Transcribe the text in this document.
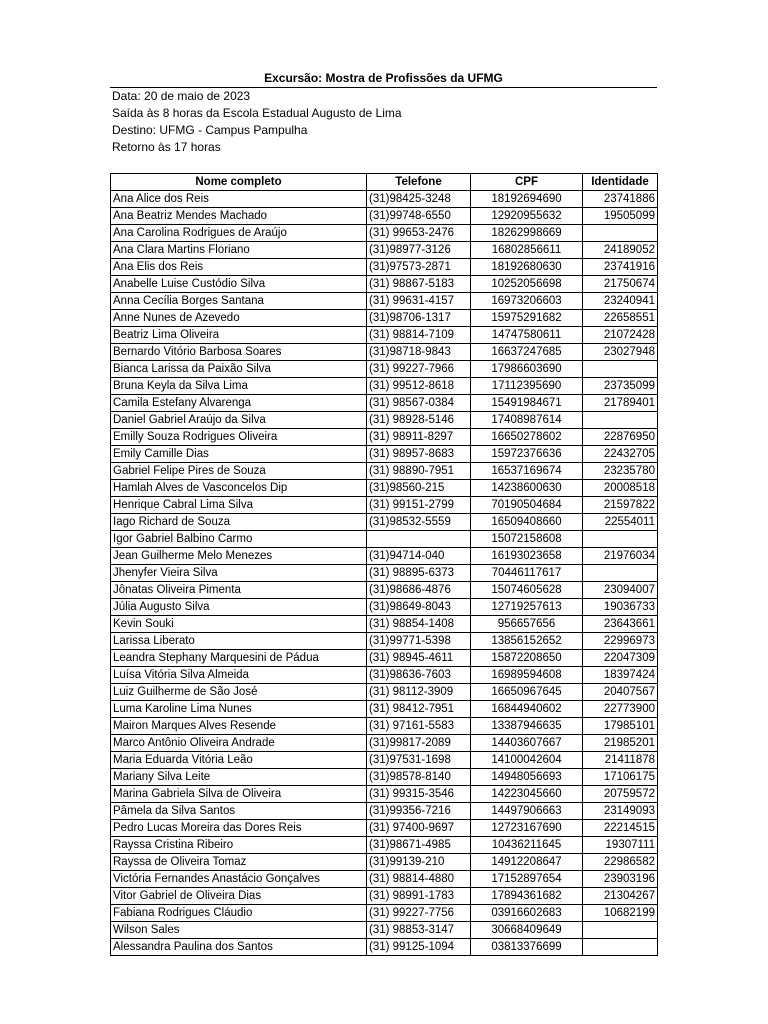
Excursão: Mostra de Profissões da UFMG
Data: 20 de maio de 2023
Saída às 8 horas da Escola Estadual Augusto de Lima
Destino: UFMG - Campus Pampulha
Retorno às 17 horas
Nome completo	Telefone	CPF	Identidade
Ana Alice dos Reis	(31)98425-3248	18192694690	23741886
Ana Beatriz Mendes Machado	(31)99748-6550	12920955632	19505099
Ana Carolina Rodrigues de Araújo	(31) 99653-2476	18262998669	
Ana Clara Martins Floriano	(31)98977-3126	16802856611	24189052
Ana Elis dos Reis	(31)97573-2871	18192680630	23741916
Anabelle Luise Custódio Silva	(31) 98867-5183	10252056698	21750674
Anna Cecília Borges Santana	(31) 99631-4157	16973206603	23240941
Anne Nunes de Azevedo	(31)98706-1317	15975291682	22658551
Beatriz Lima Oliveira	(31) 98814-7109	14747580611	21072428
Bernardo Vitório Barbosa Soares	(31)98718-9843	16637247685	23027948
Bianca Larissa da Paixão Silva	(31) 99227-7966	17986603690	
Bruna Keyla da Silva Lima	(31) 99512-8618	17112395690	23735099
Camila Estefany Alvarenga	(31) 98567-0384	15491984671	21789401
Daniel Gabriel Araújo da Silva	(31) 98928-5146	17408987614	
Emilly Souza Rodrigues Oliveira	(31) 98911-8297	16650278602	22876950
Emily Camille Dias	(31) 98957-8683	15972376636	22432705
Gabriel Felipe Pires de Souza	(31) 98890-7951	16537169674	23235780
Hamlah Alves de Vasconcelos Dip	(31)98560-215	14238600630	20008518
Henrique Cabral Lima Silva	(31) 99151-2799	70190504684	21597822
Iago Richard de Souza	(31)98532-5559	16509408660	22554011
Igor Gabriel Balbino Carmo		15072158608	
Jean Guilherme Melo Menezes	(31)94714-040	16193023658	21976034
Jhenyfer Vieira Silva	(31) 98895-6373	70446117617	
Jônatas Oliveira Pimenta	(31)98686-4876	15074605628	23094007
Júlia Augusto Silva	(31)98649-8043	12719257613	19036733
Kevin Souki	(31) 98854-1408	956657656	23643661
Larissa Liberato	(31)99771-5398	13856152652	22996973
Leandra Stephany Marquesini de Pádua	(31) 98945-4611	15872208650	22047309
Luísa Vitória Silva Almeida	(31)98636-7603	16989594608	18397424
Luiz Guilherme de São José	(31) 98112-3909	16650967645	20407567
Luma Karoline Lima Nunes	(31) 98412-7951	16844940602	22773900
Mairon Marques Alves Resende	(31) 97161-5583	13387946635	17985101
Marco Antônio Oliveira Andrade	(31)99817-2089	14403607667	21985201
Maria Eduarda Vitória Leão	(31)97531-1698	14100042604	21411878
Mariany Silva Leite	(31)98578-8140	14948056693	17106175
Marina Gabriela Silva de Oliveira	(31) 99315-3546	14223045660	20759572
Pâmela da Silva Santos	(31)99356-7216	14497906663	23149093
Pedro Lucas Moreira das Dores Reis	(31) 97400-9697	12723167690	22214515
Rayssa Cristina Ribeiro	(31)98671-4985	10436211645	19307111
Rayssa de Oliveira Tomaz	(31)99139-210	14912208647	22986582
Victória Fernandes Anastácio Gonçalves	(31) 98814-4880	17152897654	23903196
Vitor Gabriel de Oliveira Dias	(31) 98991-1783	17894361682	21304267
Fabiana Rodrigues Cláudio	(31) 99227-7756	03916602683	10682199
Wilson Sales	(31) 98853-3147	30668409649	
Alessandra Paulina dos Santos	(31) 99125-1094	03813376699	
